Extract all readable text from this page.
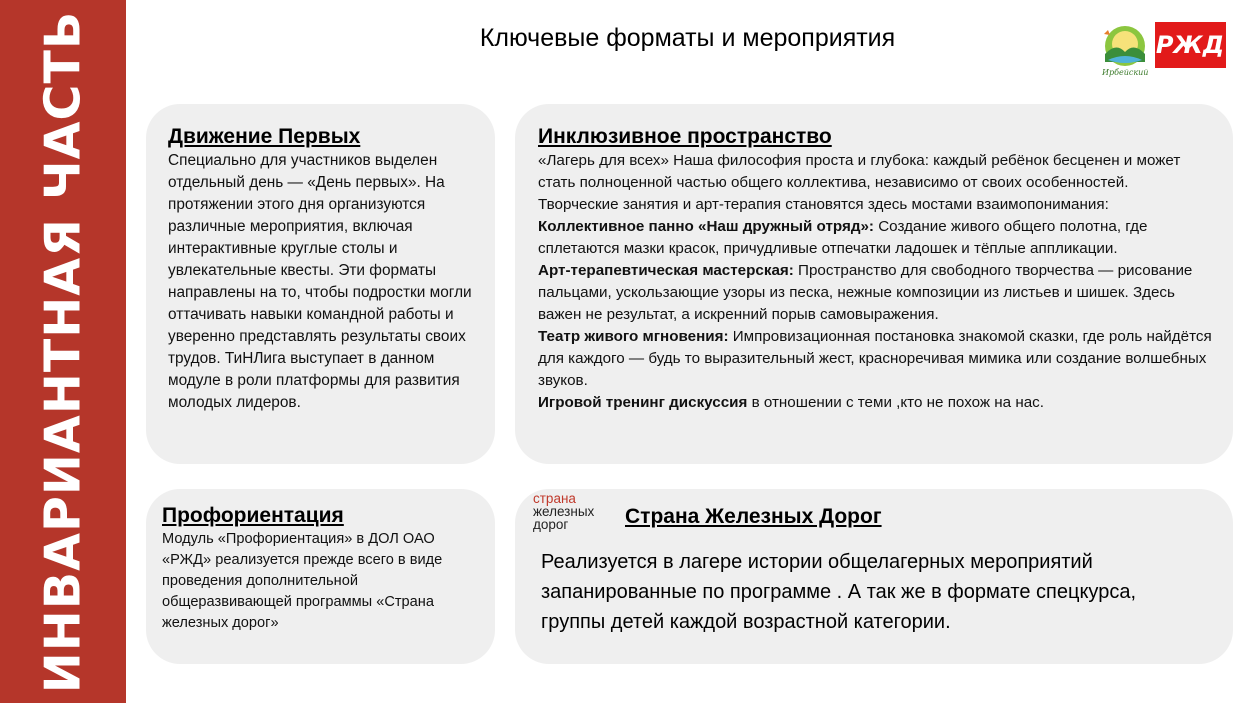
ИНВАРИАНТНАЯ ЧАСТЬ	Ключевые форматы и мероприятия
Ирбейский
РЖД
Движение Первых

Специально для участников выделен отдельный день — «День первых». На протяжении этого дня организуются различные мероприятия, включая интерактивные круглые столы и увлекательные квесты. Эти форматы направлены на то, чтобы подростки могли оттачивать навыки командной работы и уверенно представлять результаты своих трудов. ТиНЛига выступает в данном модуле в роли платформы для развития молодых лидеров.

Инклюзивное пространство

«Лагерь для всех» Наша философия проста и глубока: каждый ребёнок бесценен и может стать полноценной частью общего коллектива, независимо от своих особенностей.

Творческие занятия и арт-терапия становятся здесь мостами взаимопонимания:

Коллективное панно «Наш дружный отряд»: Создание живого общего полотна, где сплетаются мазки красок, причудливые отпечатки ладошек и тёплые аппликации.

Арт-терапевтическая мастерская: Пространство для свободного творчества — рисование пальцами, ускользающие узоры из песка, нежные композиции из листьев и шишек. Здесь важен не результат, а искренний порыв самовыражения.

Театр живого мгновения: Импровизационная постановка знакомой сказки, где роль найдётся для каждого — будь то выразительный жест, красноречивая мимика или создание волшебных звуков.

Игровой тренинг дискуссия в отношении с теми ,кто не похож на нас.

Профориентация

Модуль «Профориентация» в ДОЛ ОАО «РЖД» реализуется прежде всего в виде проведения дополнительной общеразвивающей программы «Страна железных дорог»

Страна Железных Дорог

Реализуется в лагере истории общелагерных мероприятий запанированные по программе . А так же в формате спецкурса, группы детей каждой возрастной категории.

страна
железных
дорог
